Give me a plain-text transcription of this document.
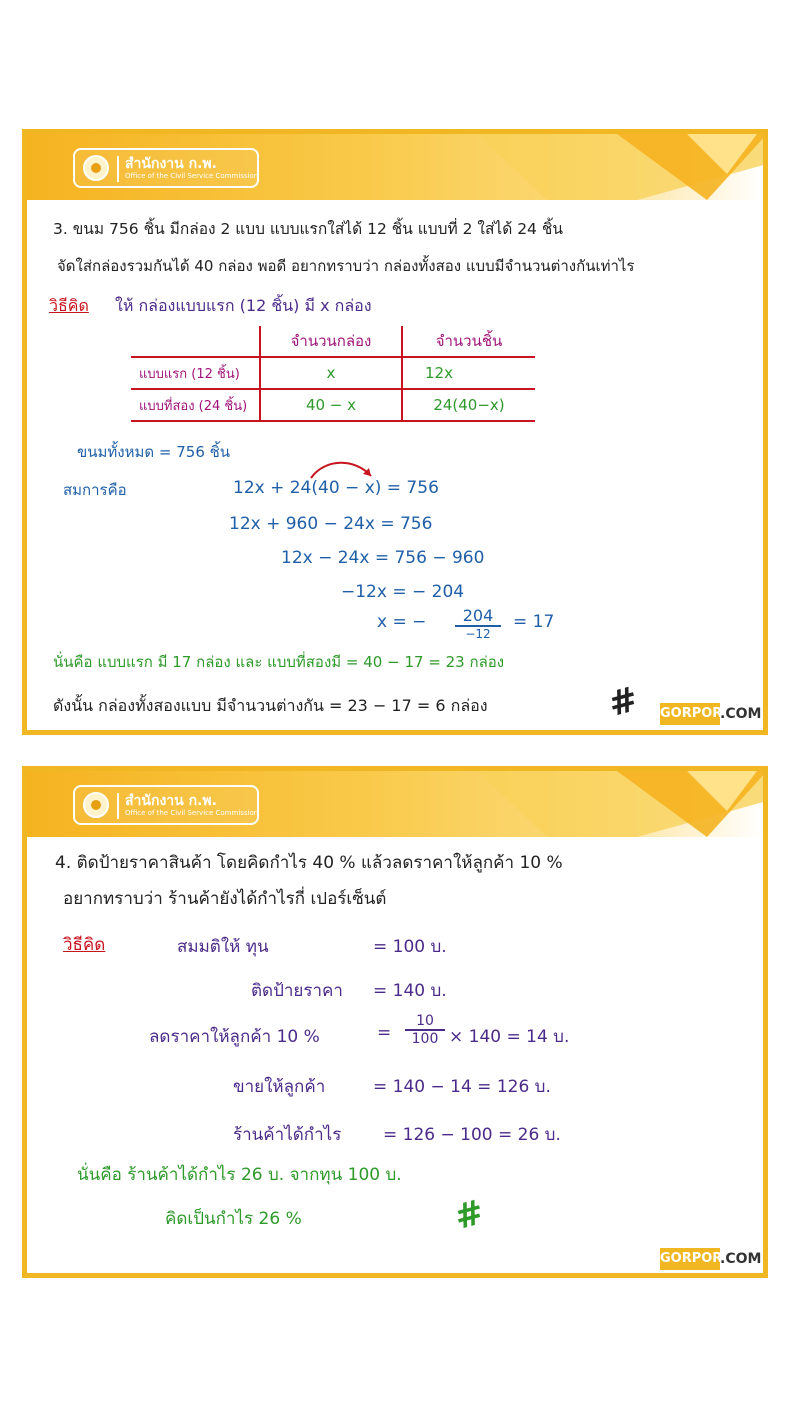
สำนักงาน ก.พ.
Office of the Civil Service Commission
3. ขนม 756 ชิ้น มีกล่อง 2 แบบ แบบแรกใส่ได้ 12 ชิ้น แบบที่ 2 ใส่ได้ 24 ชิ้น
จัดใส่กล่องรวมกันได้ 40 กล่อง พอดี อยากทราบว่า กล่องทั้งสอง แบบมีจำนวนต่างกันเท่าไร
วิธีคิด ให้ กล่องแบบแรก (12 ชิ้น) มี x กล่อง
	จำนวนกล่อง	จำนวนชิ้น
แบบแรก (12 ชิ้น)	x	12x
แบบที่สอง (24 ชิ้น)	40 − x	24(40−x)
ขนมทั้งหมด = 756 ชิ้น
สมการคือ	12x + 24(40 − x) = 756
12x + 960 − 24x = 756
12x − 24x = 756 − 960
−12x = − 204
x = −	204
−12
= 17
นั่นคือ แบบแรก มี 17 กล่อง และ แบบที่สองมี = 40 − 17 = 23 กล่อง
ดังนั้น กล่องทั้งสองแบบ มีจำนวนต่างกัน = 23 − 17 = 6 กล่อง	# GORPOR
.COM
สำนักงาน ก.พ.
Office of the Civil Service Commission
4. ติดป้ายราคาสินค้า โดยคิดกำไร 40 % แล้วลดราคาให้ลูกค้า 10 %
อยากทราบว่า ร้านค้ายังได้กำไรกี่ เปอร์เซ็นต์
วิธีคิด	สมมติให้ ทุน	= 100 บ.
ติดป้ายราคา = 140 บ.
ลดราคาให้ลูกค้า 10 %	= $\frac{10}{100} \times 140 = 14$ บ.
ขายให้ลูกค้า	= 140 − 14 = 126 บ.
ร้านค้าได้กำไร = 126 − 100 = 26 บ.
นั่นคือ ร้านค้าได้กำไร 26 บ. จากทุน 100 บ.
คิดเป็นกำไร 26 %	#
GORPOR
.COM
